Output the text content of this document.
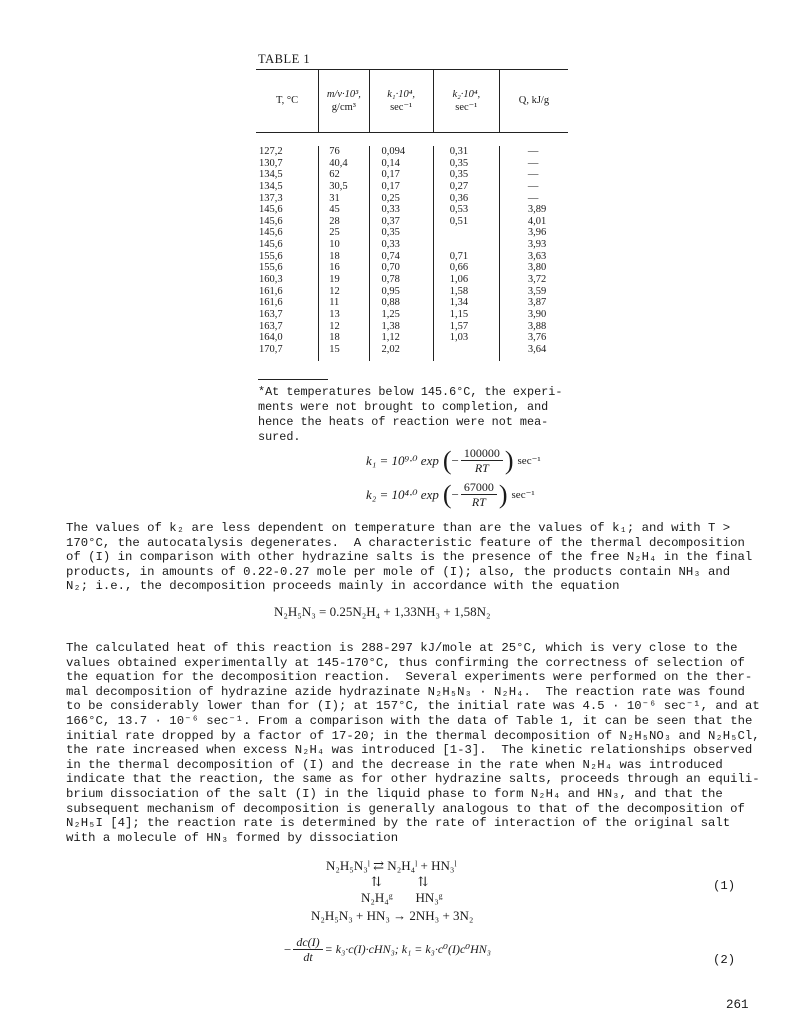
TABLE 1
T, °C
m/v·10³,
g/cm³
k₁·10⁴,
sec⁻¹
k₂·10⁴,
sec⁻¹
Q, kJ/g
127,2
130,7
134,5
134,5
137,3
145,6
145,6
145,6
145,6
155,6
155,6
160,3
161,6
161,6
163,7
163,7
164,0
170,7
76
40,4
62
30,5
31
45
28
25
10
18
16
19
12
11
13
12
18
15
0,094
0,14
0,17
0,17
0,25
0,33
0,37
0,35
0,33
0,74
0,70
0,78
0,95
0,88
1,25
1,38
1,12
2,02
0,31
0,35
0,35
0,27
0,36
0,53
0,51
0,71
0,66
1,06
1,58
1,34
1,15
1,57
1,03
—
—
—
—
—
3,89
4,01
3,96
3,93
3,63
3,80
3,72
3,59
3,87
3,90
3,88
3,76
3,64
*At temperatures below 145.6°C, the experi-
ments were not brought to completion, and
hence the heats of reaction were not mea-
sured.
k₁ = 10⁹·⁰ exp ( − $\frac{100000}{RT}$ ) sec⁻¹
k₂ = 10⁴·⁰ exp ( − $\frac{67000}{RT}$ ) sec⁻¹
The values of k₂ are less dependent on temperature than are the values of k₁; and with T >
170°C, the autocatalysis degenerates.  A characteristic feature of the thermal decomposition
of (I) in comparison with other hydrazine salts is the presence of the free N₂H₄ in the final
products, in amounts of 0.22-0.27 mole per mole of (I); also, the products contain NH₃ and
N₂; i.e., the decomposition proceeds mainly in accordance with the equation
N₂H₅N₃ = 0.25N₂H₄ + 1,33NH₃ + 1,58N₂
The calculated heat of this reaction is 288-297 kJ/mole at 25°C, which is very close to the
values obtained experimentally at 145-170°C, thus confirming the correctness of selection of
the equation for the decomposition reaction.  Several experiments were performed on the ther-
mal decomposition of hydrazine azide hydrazinate N₂H₅N₃ · N₂H₄.  The reaction rate was found
to be considerably lower than for (I); at 157°C, the initial rate was 4.5 · 10⁻⁶ sec⁻¹, and at
166°C, 13.7 · 10⁻⁶ sec⁻¹. From a comparison with the data of Table 1, it can be seen that the
initial rate dropped by a factor of 17-20; in the thermal decomposition of N₂H₅NO₃ and N₂H₅Cl,
the rate increased when excess N₂H₄ was introduced [1-3].  The kinetic relationships observed
in the thermal decomposition of (I) and the decrease in the rate when N₂H₄ was introduced
indicate that the reaction, the same as for other hydrazine salts, proceeds through an equili-
brium dissociation of the salt (I) in the liquid phase to form N₂H₄ and HN₃, and that the
subsequent mechanism of decomposition is generally analogous to that of the decomposition of
N₂H₅I [4]; the reaction rate is determined by the rate of interaction of the original salt
with a molecule of HN₃ formed by dissociation
N₂H₅N₃ˡ ⇄ N₂H₄ˡ + HN₃ˡ
⇅           ⇅
N₂H₄ᵍ       HN₃ᵍ
N₂H₅N₃ + HN₃ → 2NH₃ + 3N₂
(1)
− $\frac{dc(I)}{dt} = k_3\cdot c(I)\cdot cHN_3$; k₁ = k₃·c⁰(I)c⁰HN₃
(2)
261
